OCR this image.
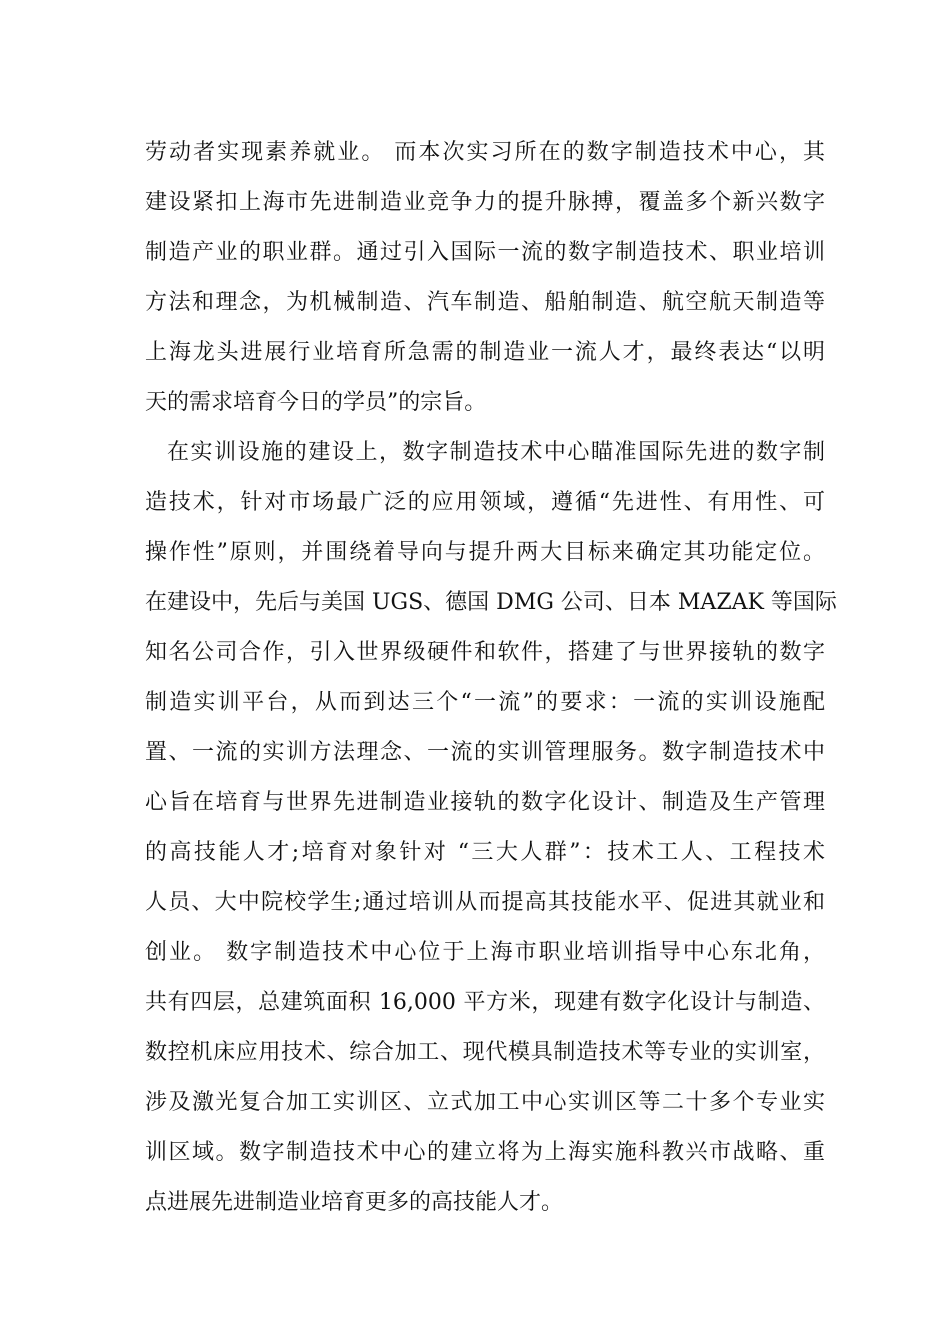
劳动者实现素养就业。 而本次实习所在的数字制造技术中心，其
建设紧扣上海市先进制造业竞争力的提升脉搏，覆盖多个新兴数字
制造产业的职业群。通过引入国际一流的数字制造技术、职业培训
方法和理念，为机械制造、汽车制造、船舶制造、航空航天制造等
上海龙头进展行业培育所急需的制造业一流人才，最终表达“以明
天的需求培育今日的学员”的宗旨。
在实训设施的建设上，数字制造技术中心瞄准国际先进的数字制
造技术，针对市场最广泛的应用领域，遵循“先进性、有用性、可
操作性”原则，并围绕着导向与提升两大目标来确定其功能定位。
在建设中，先后与美国 UGS、德国 DMG 公司、日本 MAZAK 等国际
知名公司合作，引入世界级硬件和软件，搭建了与世界接轨的数字
制造实训平台，从而到达三个“一流”的要求：一流的实训设施配
置、一流的实训方法理念、一流的实训管理服务。数字制造技术中
心旨在培育与世界先进制造业接轨的数字化设计、制造及生产管理
的高技能人才;培育对象针对 “三大人群”：技术工人、工程技术
人员、大中院校学生;通过培训从而提高其技能水平、促进其就业和
创业。 数字制造技术中心位于上海市职业培训指导中心东北角，
共有四层，总建筑面积 16,000 平方米，现建有数字化设计与制造、
数控机床应用技术、综合加工、现代模具制造技术等专业的实训室，
涉及激光复合加工实训区、立式加工中心实训区等二十多个专业实
训区域。数字制造技术中心的建立将为上海实施科教兴市战略、重
点进展先进制造业培育更多的高技能人才。
